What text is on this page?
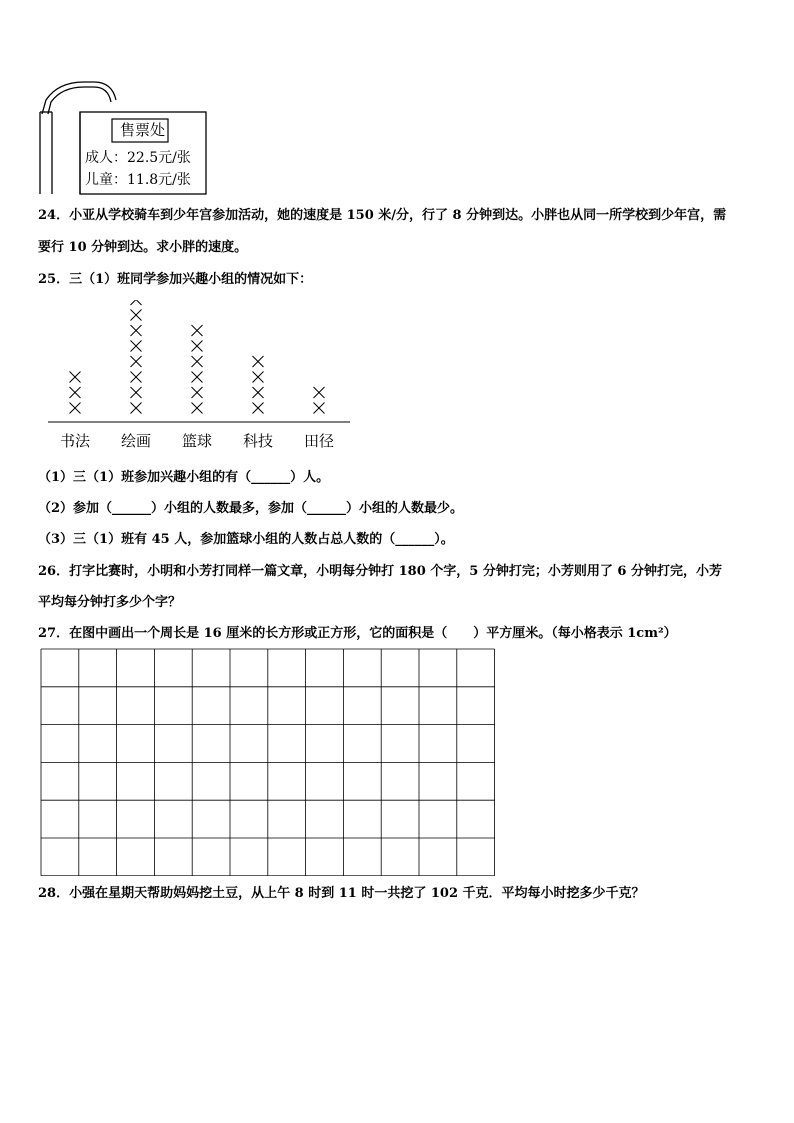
售票处
成人：22.5元/张
儿童：11.8元/张
24．小亚从学校骑车到少年宫参加活动，她的速度是 150 米/分，行了 8 分钟到达。小胖也从同一所学校到少年宫，需
要行 10 分钟到达。求小胖的速度。
25．三（1）班同学参加兴趣小组的情况如下：
书法 绘画 篮球 科技 田径
（1）三（1）班参加兴趣小组的有（______）人。
（2）参加（______）小组的人数最多，参加（______）小组的人数最少。
（3）三（1）班有 45 人，参加篮球小组的人数占总人数的（______）。
26．打字比赛时，小明和小芳打同样一篇文章，小明每分钟打 180 个字，5 分钟打完；小芳则用了 6 分钟打完，小芳
平均每分钟打多少个字？
27．在图中画出一个周长是 16 厘米的长方形或正方形，它的面积是（　　）平方厘米。（每小格表示 1cm²）
28．小强在星期天帮助妈妈挖土豆，从上午 8 时到 11 时一共挖了 102 千克．平均每小时挖多少千克？
